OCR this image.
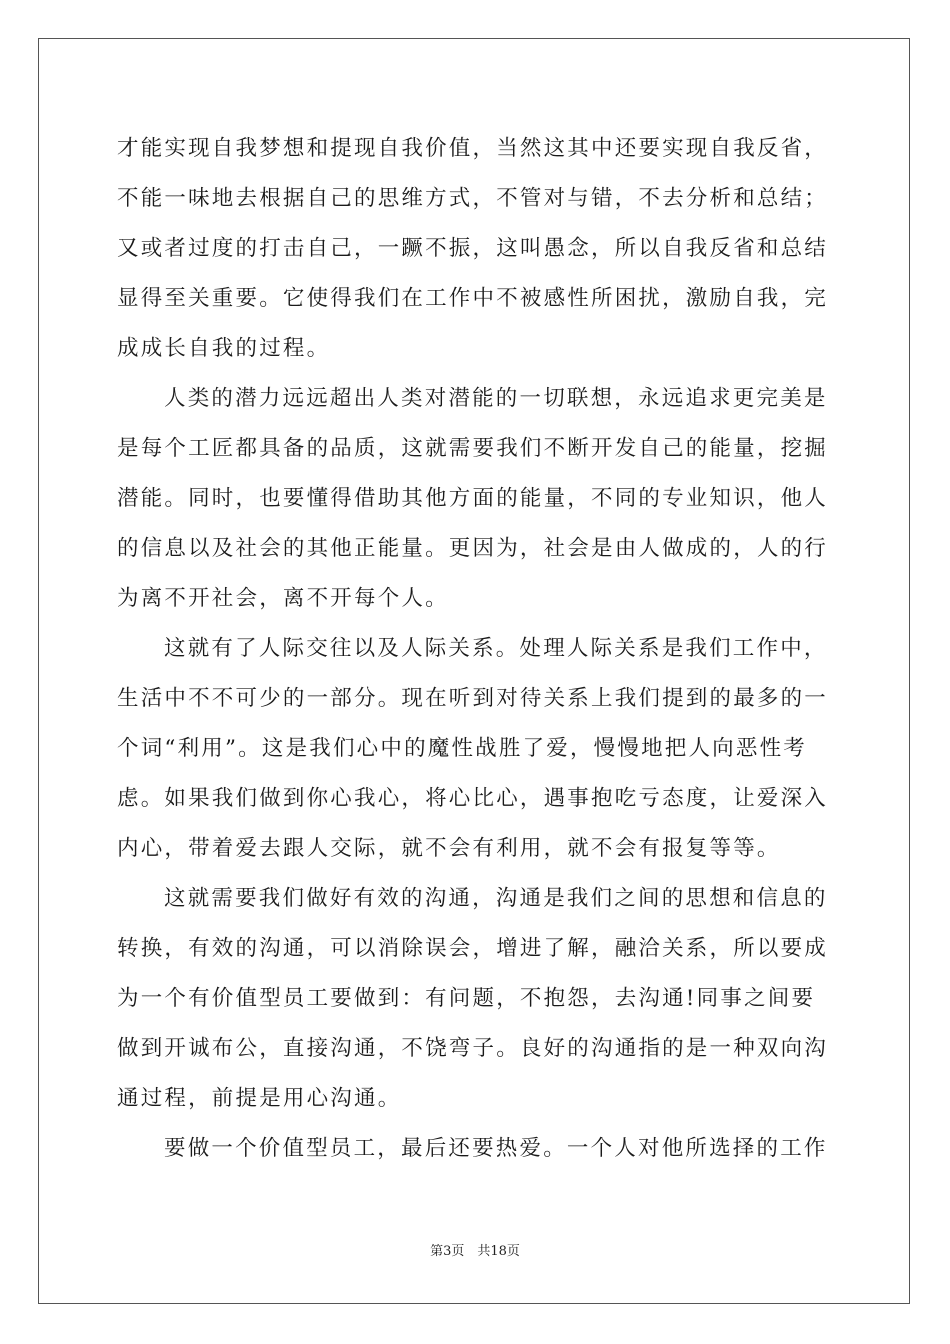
才能实现自我梦想和提现自我价值，当然这其中还要实现自我反省，
不能一味地去根据自己的思维方式，不管对与错，不去分析和总结；
又或者过度的打击自己，一蹶不振，这叫愚念，所以自我反省和总结
显得至关重要。它使得我们在工作中不被感性所困扰，激励自我，完
成成长自我的过程。
人类的潜力远远超出人类对潜能的一切联想，永远追求更完美是
是每个工匠都具备的品质，这就需要我们不断开发自己的能量，挖掘
潜能。同时，也要懂得借助其他方面的能量，不同的专业知识，他人
的信息以及社会的其他正能量。更因为，社会是由人做成的，人的行
为离不开社会，离不开每个人。
这就有了人际交往以及人际关系。处理人际关系是我们工作中，
生活中不不可少的一部分。现在听到对待关系上我们提到的最多的一
个词“利用”。这是我们心中的魔性战胜了爱，慢慢地把人向恶性考
虑。如果我们做到你心我心，将心比心，遇事抱吃亏态度，让爱深入
内心，带着爱去跟人交际，就不会有利用，就不会有报复等等。
这就需要我们做好有效的沟通，沟通是我们之间的思想和信息的
转换，有效的沟通，可以消除误会，增进了解，融洽关系，所以要成
为一个有价值型员工要做到：有问题，不抱怨，去沟通!同事之间要
做到开诚布公，直接沟通，不饶弯子。良好的沟通指的是一种双向沟
通过程，前提是用心沟通。
要做一个价值型员工，最后还要热爱。一个人对他所选择的工作
第3页　共18页
